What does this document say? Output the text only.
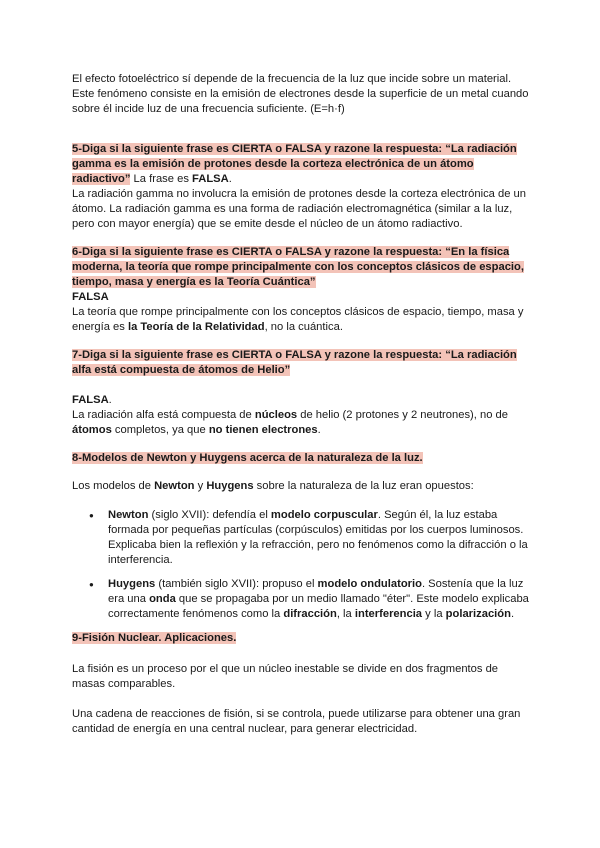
El efecto fotoeléctrico sí depende de la frecuencia de la luz que incide sobre un material.

Este fenómeno consiste en la emisión de electrones desde la superficie de un metal cuando sobre él incide luz de una frecuencia suficiente. (E=h·f)

5-Diga si la siguiente frase es CIERTA o FALSA y razone la respuesta: “La radiación gamma es la emisión de protones desde la corteza electrónica de un átomo radiactivo” La frase es FALSA.

La radiación gamma no involucra la emisión de protones desde la corteza electrónica de un átomo. La radiación gamma es una forma de radiación electromagnética (similar a la luz, pero con mayor energía) que se emite desde el núcleo de un átomo radiactivo.

6-Diga si la siguiente frase es CIERTA o FALSA y razone la respuesta: “En la física moderna, la teoría que rompe principalmente con los conceptos clásicos de espacio, tiempo, masa y energía es la Teoría Cuántica”

FALSA

La teoría que rompe principalmente con los conceptos clásicos de espacio, tiempo, masa y energía es la Teoría de la Relatividad, no la cuántica.

7-Diga si la siguiente frase es CIERTA o FALSA y razone la respuesta: “La radiación alfa está compuesta de átomos de Helio”

FALSA.

La radiación alfa está compuesta de núcleos de helio (2 protones y 2 neutrones), no de átomos completos, ya que no tienen electrones.

8-Modelos de Newton y Huygens acerca de la naturaleza de la luz.

Los modelos de Newton y Huygens sobre la naturaleza de la luz eran opuestos:

● Newton (siglo XVII): defendía el modelo corpuscular. Según él, la luz estaba formada por pequeñas partículas (corpúsculos) emitidas por los cuerpos luminosos. Explicaba bien la reflexión y la refracción, pero no fenómenos como la difracción o la interferencia.
● Huygens (también siglo XVII): propuso el modelo ondulatorio. Sostenía que la luz era una onda que se propagaba por un medio llamado "éter". Este modelo explicaba correctamente fenómenos como la difracción, la interferencia y la polarización.

9-Fisión Nuclear. Aplicaciones.

La fisión es un proceso por el que un núcleo inestable se divide en dos fragmentos de masas comparables.

Una cadena de reacciones de fisión, si se controla, puede utilizarse para obtener una gran cantidad de energía en una central nuclear, para generar electricidad.
